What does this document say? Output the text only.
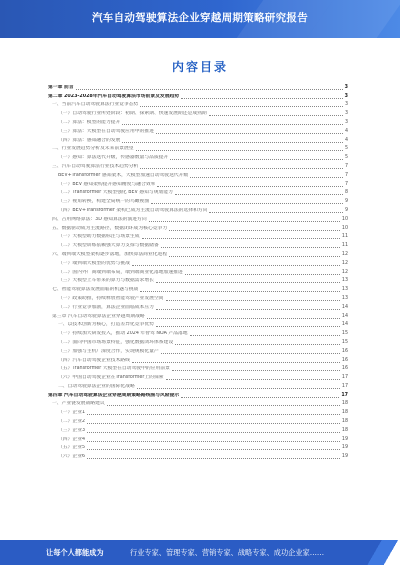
汽车自动驾驶算法企业穿越周期策略研究报告
内容目录
第一章 前言	3
第二章 2023-2028年汽车自动驾驶算法市场前景及发展趋势	3
一、当前汽车自动驾驶算法行业竞争态势	3
（一）自动驾驶行业所处阶段：初期、探索期、快速发展期还是成熟期	3
（二）算法：模型的能力提升	3
（三）算法：大模型在自动驾驶应用中的推进	4
（四）算法：感知融合的发展	4
二、行业发展趋势分析及未来前景展望	5
（一）感知：算法迭代升级，传感器数量与品质提升	5
三、汽车自动驾驶算法行业技术趋势分析	7
BEV+Transformer 感知架术，大模型加速自动驾驶迭代升级	7
（一）BEV 感知架构提升感知精度与融合效率	7
（二）Transformer 大模型强化 BEV 感知与规划能力	8
（三）视角转换，构建全局统一的鸟瞰视图	9
（四）BEV+Transformer 架构已成为主流自动驾驶算法的选择和方向	9
四、占用网络算法：3D 感知算法的演进方向	10
五、数据驱动成为主流路径，数据闭环成为核心竞争力	10
（一）大模型助力数据标注与场景生成	11
（二）大模型训练依赖强大算力支撑与数据储备	11
六、端到端大模型架构逐步落地，加快算法商业化进程	12
（一）端到端大模型的优势与挑战	12
（二）国内外厂商端到端布局，端到端商业化落地加速推进	12
（三）大模型上车带来的算力与数据需求增长	13
七、智能驾驶算法发展面临的机遇与挑战	13
（一）政策助推，持续释放智能驾驶产业发展空间	13
（二）行业竞争加剧，算法企业面临成本压力	14
第三章 汽车自动驾驶算法企业穿越周期战略	14
一、以技术创新为核心，打造差异化竞争优势	14
（一）持续加大研发投入，推动 2024 年智驾 NOA 产品落地	15
（二）面向中国市场场景特征，强化数据闭环体系建设	15
（三）加强与主机厂深度合作，实现规模化量产	16
（四）汽车自动驾驶企业技术路线	16
（五）Transformer 大模型在自动驾驶中的应用前景	16
（六）中国自动驾驶企业在Transformer上的探索	17
二、自动驾驶算法企业的国际化战略	17
第四章 汽车自动驾驶算法企业穿越周期策略路线图与风险提示	17
一、产业链发展战略建议	18
（一）企业1	18
（二）企业2	18
（三）企业3	18
（四）企业4	19
（五）企业5	19
（六）企业6	19
让每个人都能成为	行业专家、管理专家、营销专家、战略专家、成功企业家……
